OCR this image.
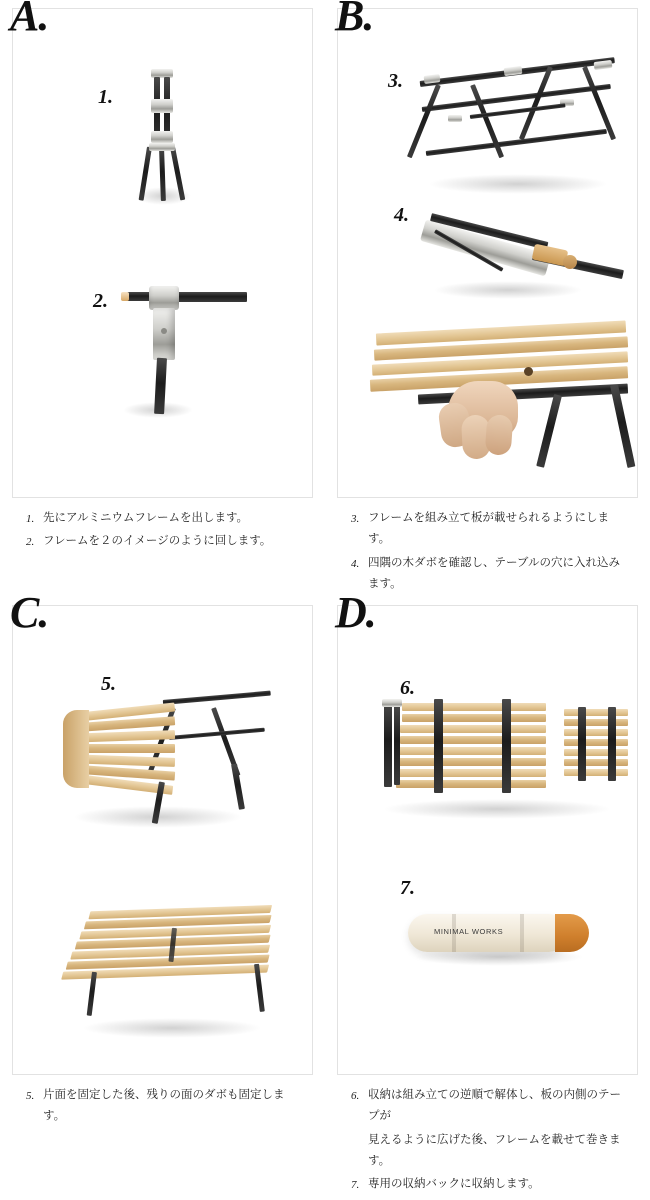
A.
1.
2.
1. 先にアルミニウムフレームを出します。
2. フレームを２のイメージのように回します。
B.
3.
4.
3. フレームを組み立て板が載せられるようにします。
4. 四隅の木ダボを確認し、テーブルの穴に入れ込みます。
C.
5.
5. 片面を固定した後、残りの面のダボも固定します。
D.
6.
7.
MINIMAL WORKS
6. 収納は組み立ての逆順で解体し、板の内側のテープが
見えるように広げた後、フレームを載せて巻きます。
7. 専用の収納バックに収納します。
